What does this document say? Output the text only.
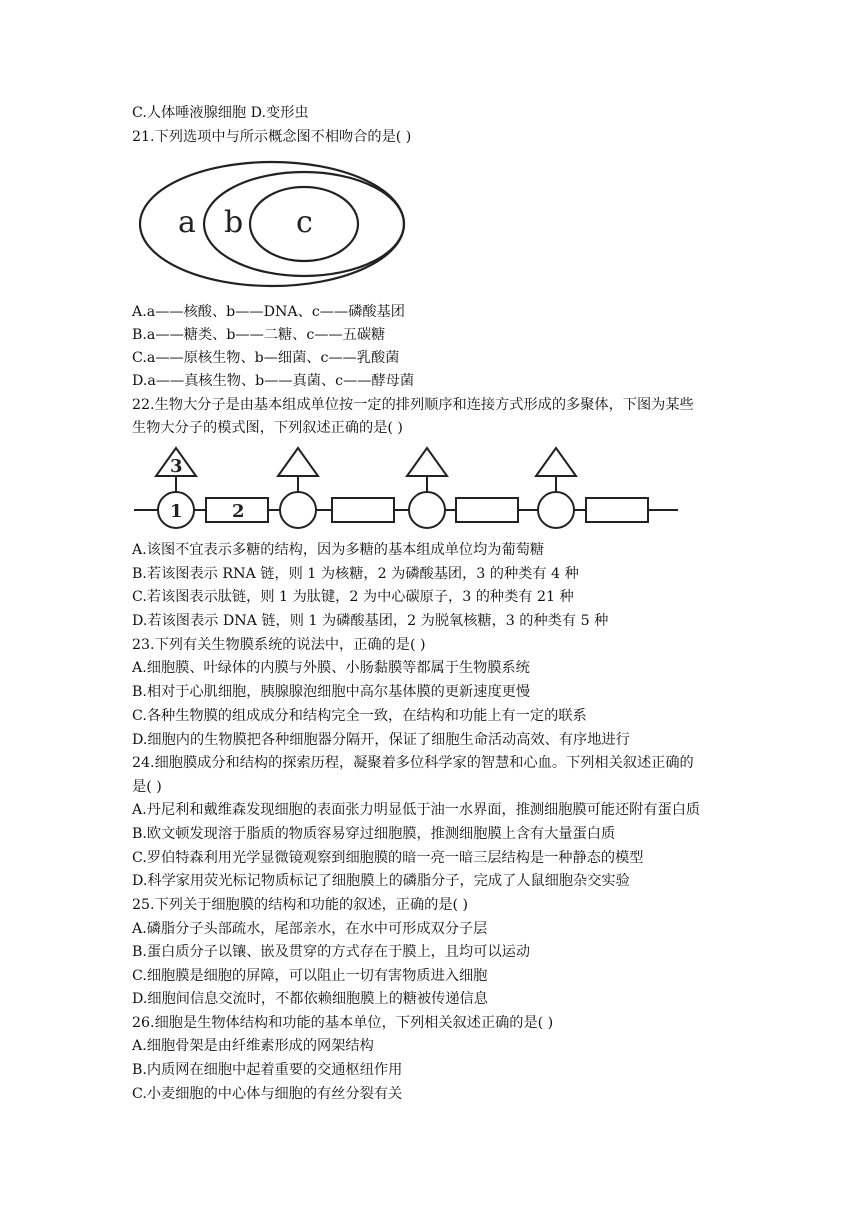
C.人体唾液腺细胞 D.变形虫
21.下列选项中与所示概念图不相吻合的是( )
a b c
A.a——核酸、b——DNA、c——磷酸基团
B.a——糖类、b——二糖、c——五碳糖
C.a——原核生物、b—细菌、c——乳酸菌
D.a——真核生物、b——真菌、c——酵母菌
22.生物大分子是由基本组成单位按一定的排列顺序和连接方式形成的多聚体，下图为某些
生物大分子的模式图，下列叙述正确的是( )
3
1	2
A.该图不宜表示多糖的结构，因为多糖的基本组成单位均为葡萄糖
B.若该图表示 RNA 链，则 1 为核糖，2 为磷酸基团，3 的种类有 4 种
C.若该图表示肽链，则 1 为肽键，2 为中心碳原子，3 的种类有 21 种
D.若该图表示 DNA 链，则 1 为磷酸基团，2 为脱氧核糖，3 的种类有 5 种
23.下列有关生物膜系统的说法中，正确的是( )
A.细胞膜、叶绿体的内膜与外膜、小肠黏膜等都属于生物膜系统
B.相对于心肌细胞，胰腺腺泡细胞中高尔基体膜的更新速度更慢
C.各种生物膜的组成成分和结构完全一致，在结构和功能上有一定的联系
D.细胞内的生物膜把各种细胞器分隔开，保证了细胞生命活动高效、有序地进行
24.细胞膜成分和结构的探索历程，凝聚着多位科学家的智慧和心血。下列相关叙述正确的
是( )
A.丹尼利和戴维森发现细胞的表面张力明显低于油一水界面，推测细胞膜可能还附有蛋白质
B.欧文顿发现溶于脂质的物质容易穿过细胞膜，推测细胞膜上含有大量蛋白质
C.罗伯特森利用光学显微镜观察到细胞膜的暗一亮一暗三层结构是一种静态的模型
D.科学家用荧光标记物质标记了细胞膜上的磷脂分子，完成了人鼠细胞杂交实验
25.下列关于细胞膜的结构和功能的叙述，正确的是( )
A.磷脂分子头部疏水，尾部亲水，在水中可形成双分子层
B.蛋白质分子以镶、嵌及贯穿的方式存在于膜上，且均可以运动
C.细胞膜是细胞的屏障，可以阻止一切有害物质进入细胞
D.细胞间信息交流时，不都依赖细胞膜上的糖被传递信息
26.细胞是生物体结构和功能的基本单位，下列相关叙述正确的是( )
A.细胞骨架是由纤维素形成的网架结构
B.内质网在细胞中起着重要的交通枢纽作用
C.小麦细胞的中心体与细胞的有丝分裂有关
